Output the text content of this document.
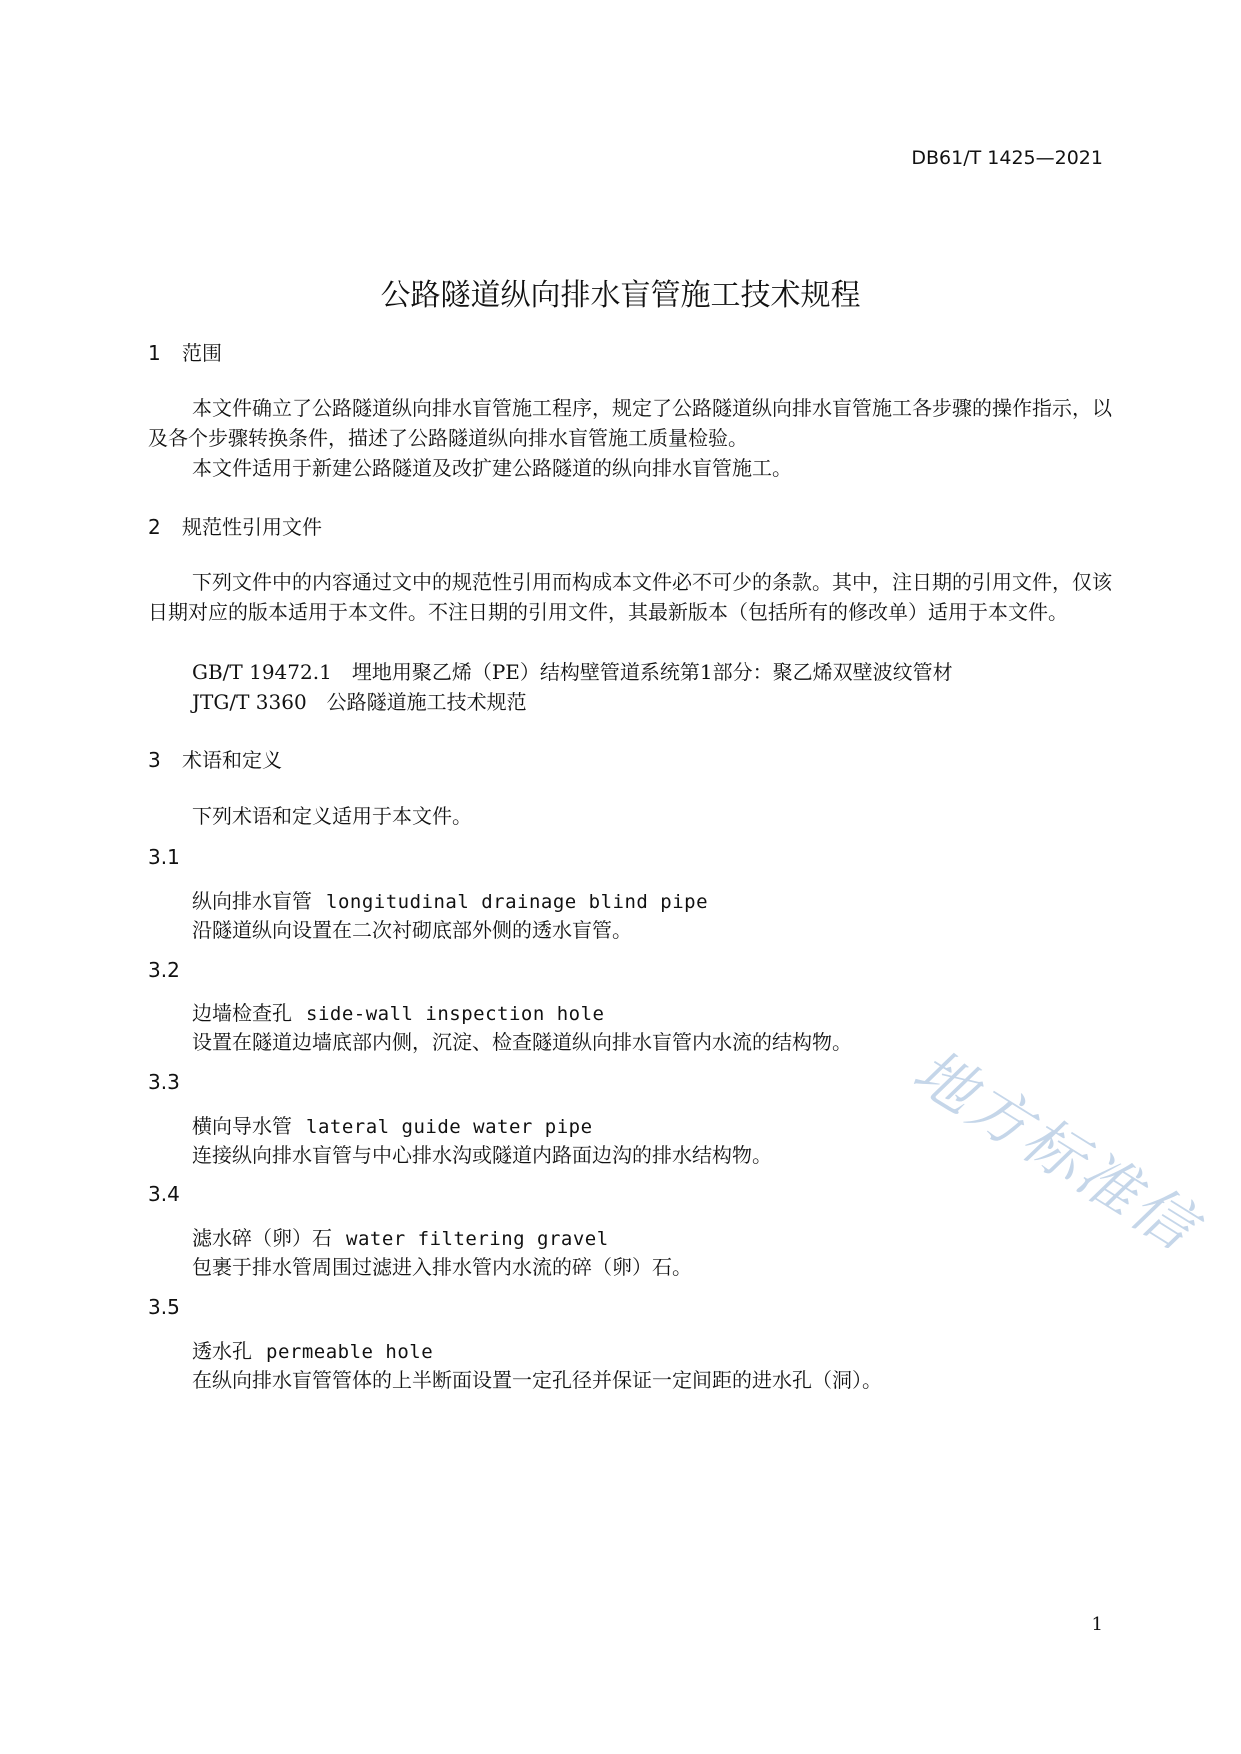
DB61/T 1425—2021
公路隧道纵向排水盲管施工技术规程
1 范围
本文件确立了公路隧道纵向排水盲管施工程序，规定了公路隧道纵向排水盲管施工各步骤的操作指示，以及各个步骤转换条件，描述了公路隧道纵向排水盲管施工质量检验。
本文件适用于新建公路隧道及改扩建公路隧道的纵向排水盲管施工。
2 规范性引用文件
下列文件中的内容通过文中的规范性引用而构成本文件必不可少的条款。其中，注日期的引用文件，仅该日期对应的版本适用于本文件。不注日期的引用文件，其最新版本（包括所有的修改单）适用于本文件。
GB/T 19472.1　埋地用聚乙烯（PE）结构壁管道系统第1部分：聚乙烯双壁波纹管材
JTG/T 3360　公路隧道施工技术规范
3 术语和定义
下列术语和定义适用于本文件。
3.1
纵向排水盲管 longitudinal drainage blind pipe
沿隧道纵向设置在二次衬砌底部外侧的透水盲管。
3.2
边墙检查孔 side-wall inspection hole
设置在隧道边墙底部内侧，沉淀、检查隧道纵向排水盲管内水流的结构物。
3.3
横向导水管 lateral guide water pipe
连接纵向排水盲管与中心排水沟或隧道内路面边沟的排水结构物。
3.4
滤水碎（卵）石 water filtering gravel
包裹于排水管周围过滤进入排水管内水流的碎（卵）石。
3.5
透水孔 permeable hole
在纵向排水盲管管体的上半断面设置一定孔径并保证一定间距的进水孔（洞）。
地方标准信
1
